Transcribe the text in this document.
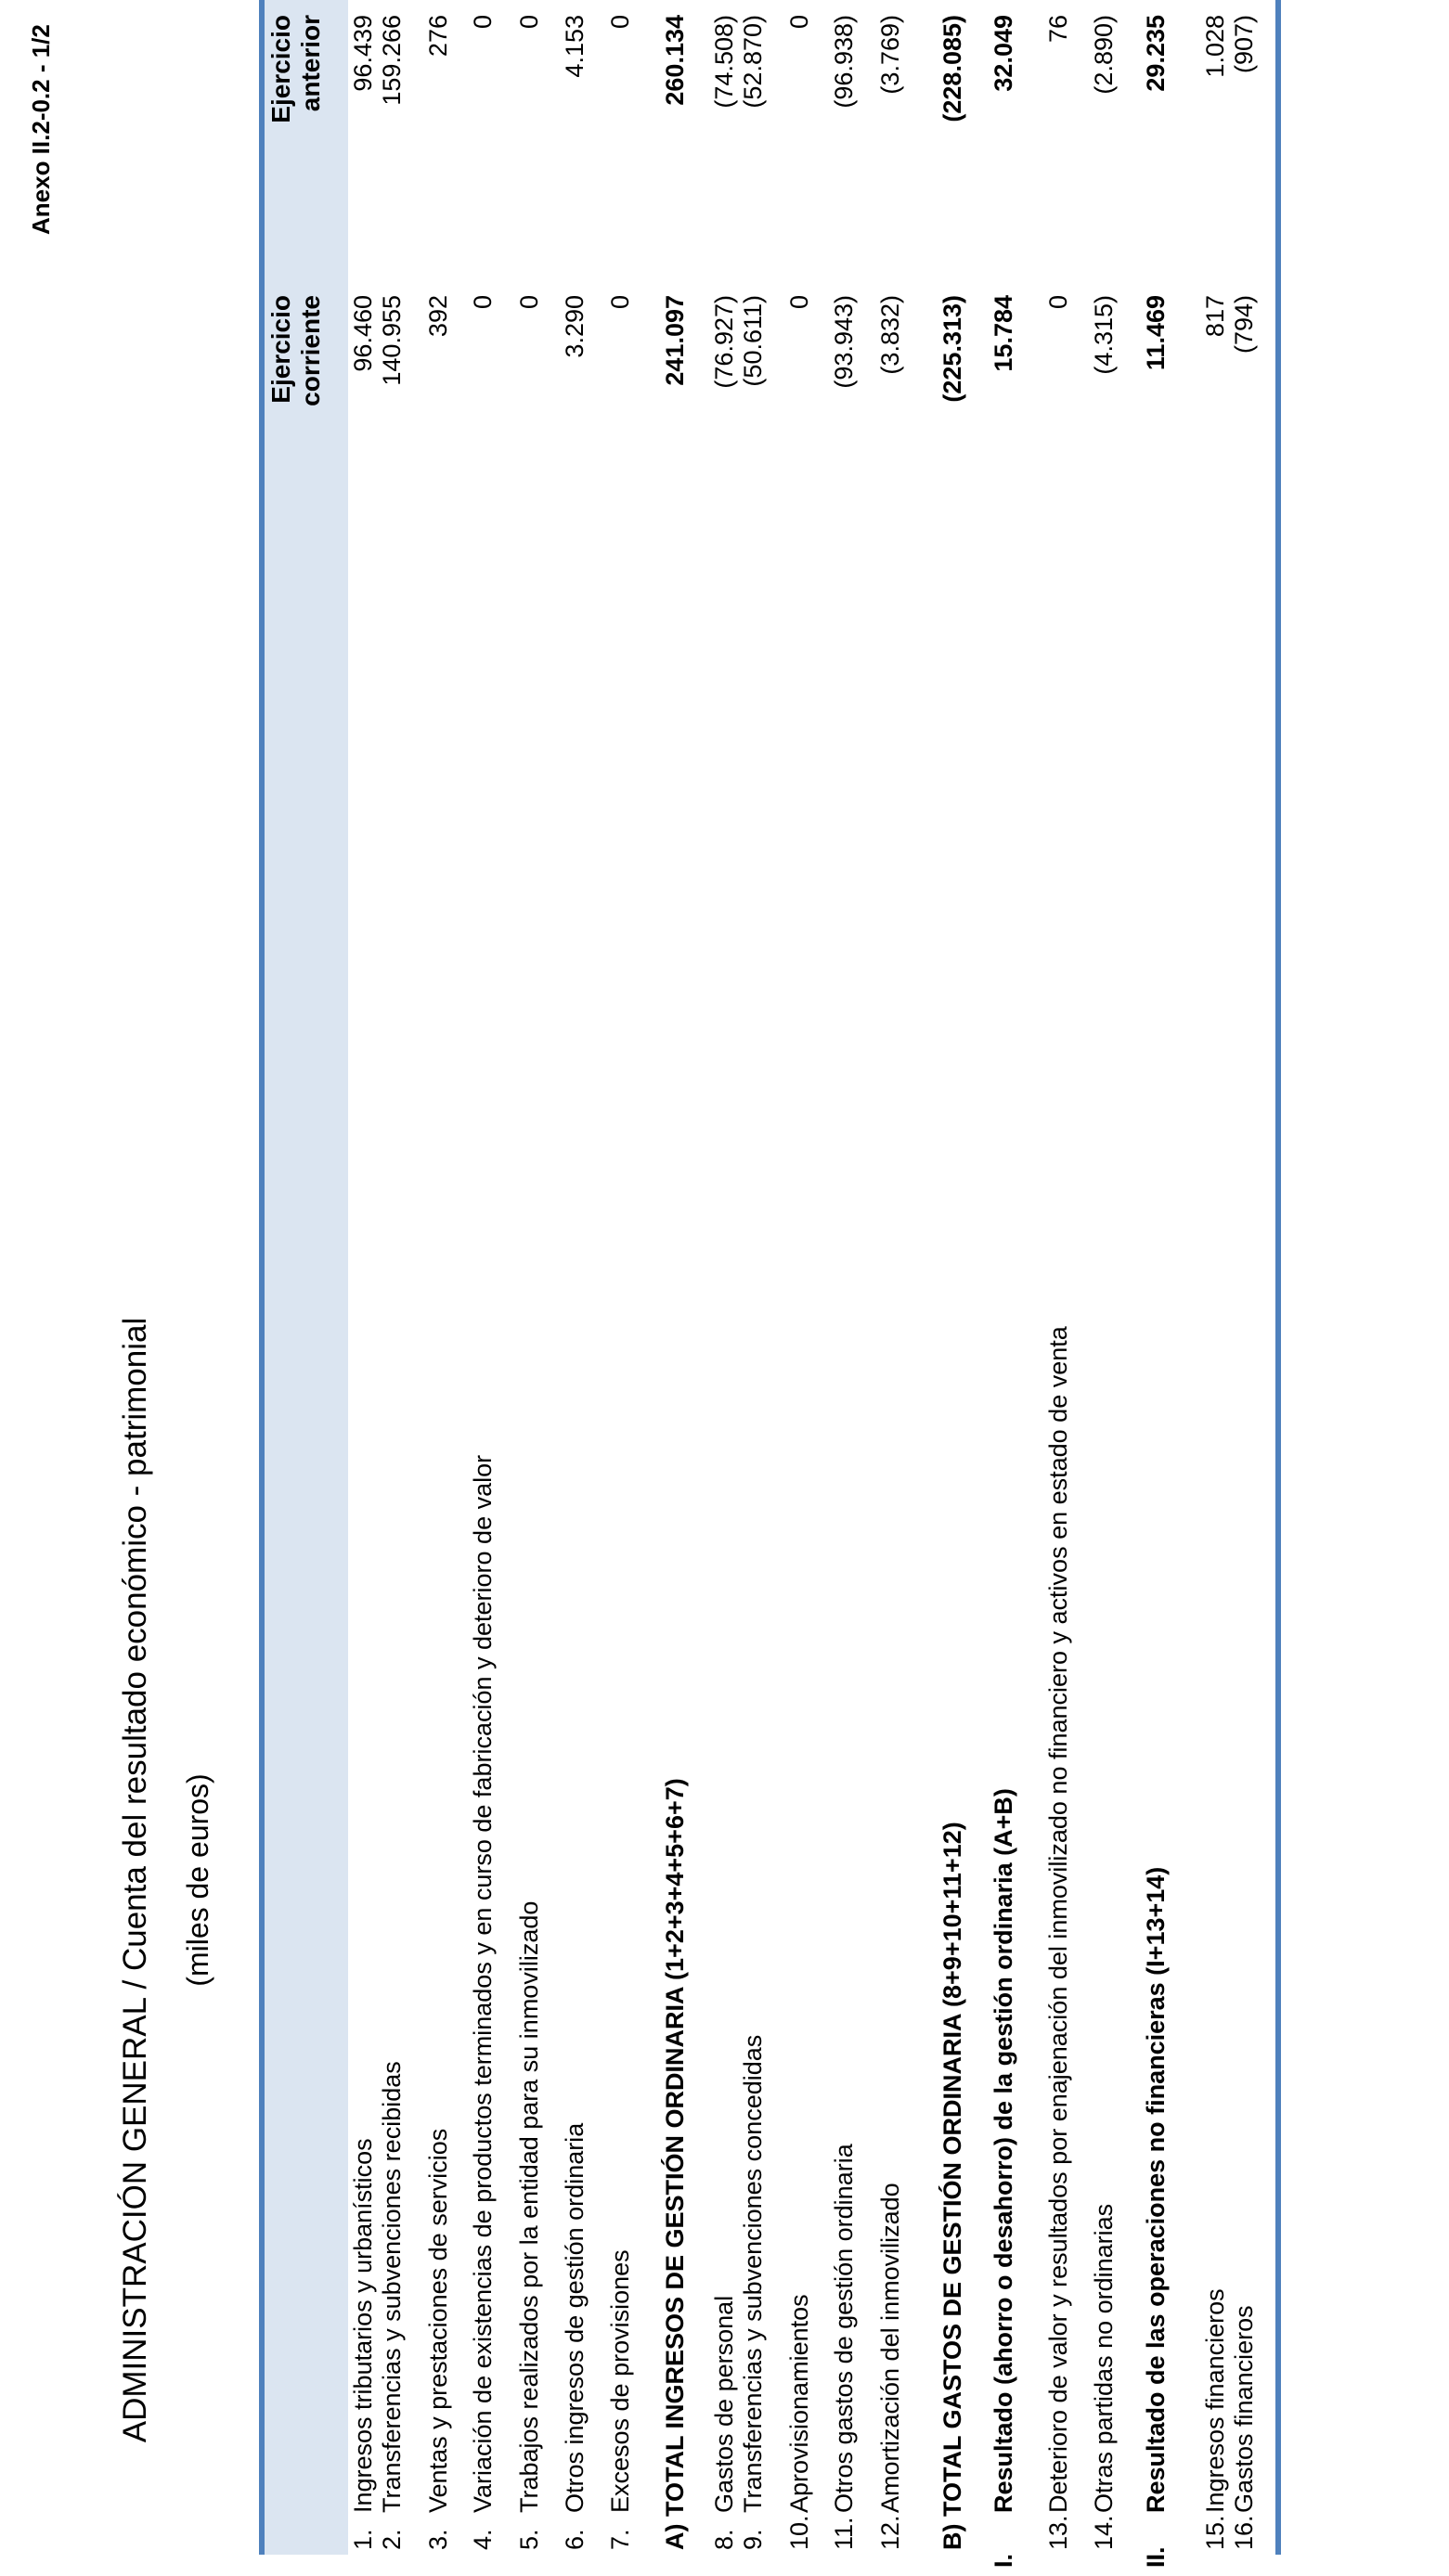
Anexo II.2-0.2 - 1/2
ADMINISTRACIÓN GENERAL / Cuenta del resultado económico - patrimonial (miles de euros)
Ejercicio
corriente
Ejercicio
anterior
1.
Ingresos tributarios y urbanísticos
96.460
96.439
2.
Transferencias y subvenciones recibidas
140.955
159.266
3.
Ventas y prestaciones de servicios
392
276
4.
Variación de existencias de productos terminados y en curso de fabricación y deterioro de valor
0
0
5.
Trabajos realizados por la entidad para su inmovilizado
0
0
6.
Otros ingresos de gestión ordinaria
3.290
4.153
7.
Excesos de provisiones
0
0
A) TOTAL INGRESOS DE GESTIÓN ORDINARIA (1+2+3+4+5+6+7)
241.097
260.134
8.
Gastos de personal
(76.927)
(74.508)
9.
Transferencias y subvenciones concedidas
(50.611)
(52.870)
10.
Aprovisionamientos
0
0
11.
Otros gastos de gestión ordinaria
(93.943)
(96.938)
12.
Amortización del inmovilizado
(3.832)
(3.769)
B) TOTAL GASTOS DE GESTIÓN ORDINARIA (8+9+10+11+12)
(225.313)
(228.085)
I.
Resultado (ahorro o desahorro) de la gestión ordinaria (A+B)
15.784
32.049
13.
Deterioro de valor y resultados por enajenación del inmovilizado no financiero y activos en estado de venta
0
76
14.
Otras partidas no ordinarias
(4.315)
(2.890)
II.
Resultado de las operaciones no financieras (I+13+14)
11.469
29.235
15.
Ingresos financieros
817
1.028
16.
Gastos financieros
(794)
(907)
